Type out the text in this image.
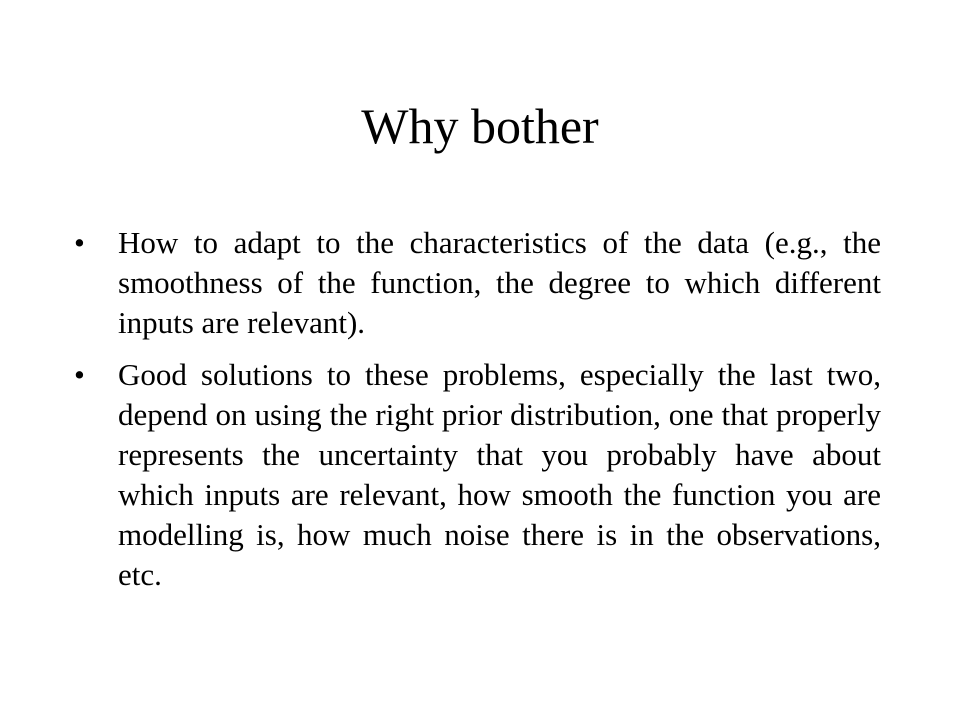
Why bother
•	How to adapt to the characteristics of the data (e.g., the smoothness of the function, the degree to which different inputs are relevant).
•	Good solutions to these problems, especially the last two, depend on using the right prior distribution, one that properly represents the uncertainty that you probably have about which inputs are relevant, how smooth the function you are modelling is, how much noise there is in the observations, etc.
